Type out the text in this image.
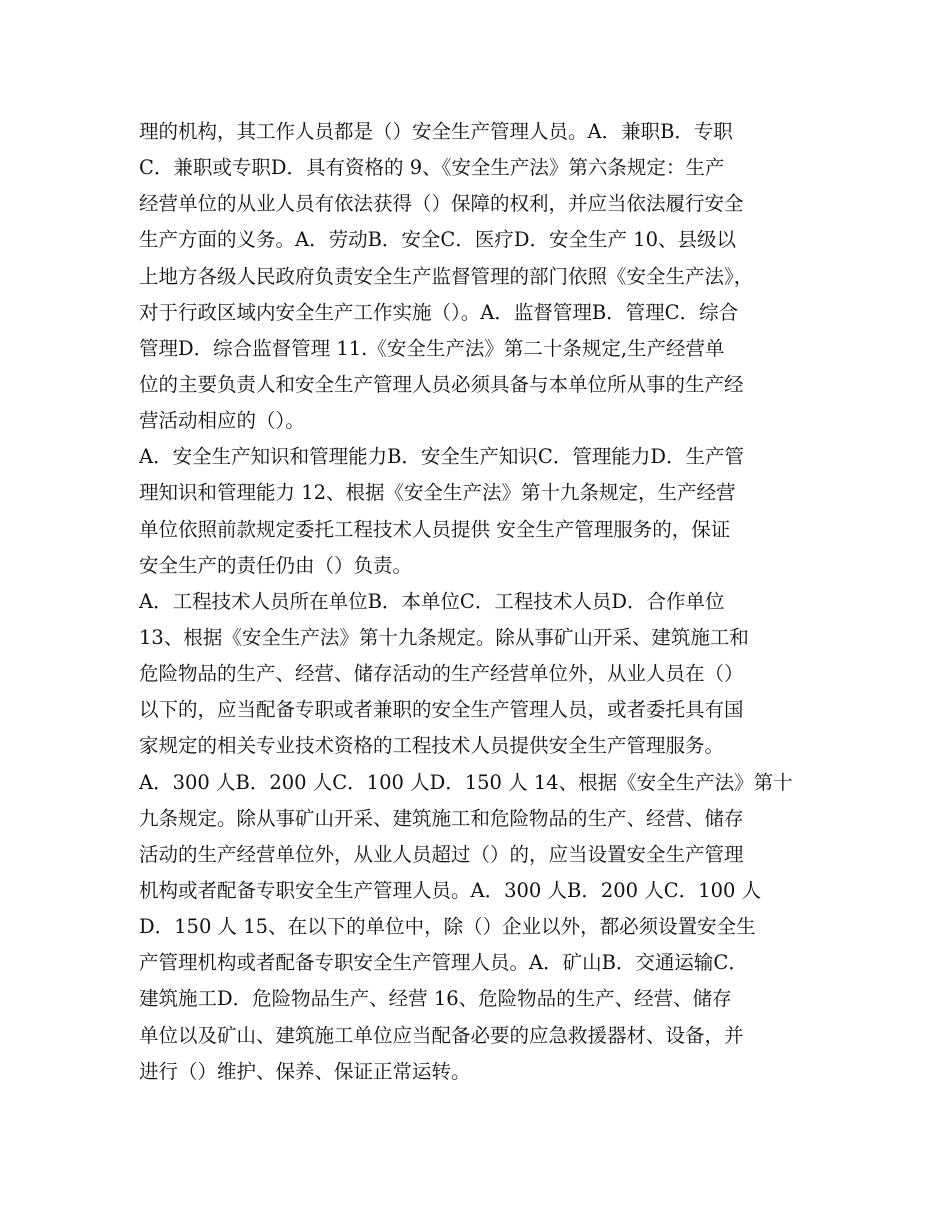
理的机构，其工作人员都是（）安全生产管理人员。A．兼职B．专职
C．兼职或专职D．具有资格的 9、《安全生产法》第六条规定：生产
经营单位的从业人员有依法获得（）保障的权利，并应当依法履行安全
生产方面的义务。A．劳动B．安全C．医疗D．安全生产 10、县级以
上地方各级人民政府负责安全生产监督管理的部门依照《安全生产法》，
对于行政区域内安全生产工作实施（）。A．监督管理B．管理C．综合
管理D．综合监督管理 11.《安全生产法》第二十条规定,生产经营单
位的主要负责人和安全生产管理人员必须具备与本单位所从事的生产经
营活动相应的（）。
A．安全生产知识和管理能力B．安全生产知识C．管理能力D．生产管
理知识和管理能力 12、根据《安全生产法》第十九条规定，生产经营
单位依照前款规定委托工程技术人员提供 安全生产管理服务的，保证
安全生产的责任仍由（）负责。
A．工程技术人员所在单位B．本单位C．工程技术人员D．合作单位
13、根据《安全生产法》第十九条规定。除从事矿山开采、建筑施工和
危险物品的生产、经营、储存活动的生产经营单位外，从业人员在（）
以下的，应当配备专职或者兼职的安全生产管理人员，或者委托具有国
家规定的相关专业技术资格的工程技术人员提供安全生产管理服务。
A．300 人B．200 人C．100 人D．150 人 14、根据《安全生产法》第十
九条规定。除从事矿山开采、建筑施工和危险物品的生产、经营、储存
活动的生产经营单位外，从业人员超过（）的，应当设置安全生产管理
机构或者配备专职安全生产管理人员。A．300 人B．200 人C．100 人
D．150 人 15、在以下的单位中，除（）企业以外，都必须设置安全生
产管理机构或者配备专职安全生产管理人员。A．矿山B．交通运输C．
建筑施工D．危险物品生产、经营 16、危险物品的生产、经营、储存
单位以及矿山、建筑施工单位应当配备必要的应急救援器材、设备，并
进行（）维护、保养、保证正常运转。
